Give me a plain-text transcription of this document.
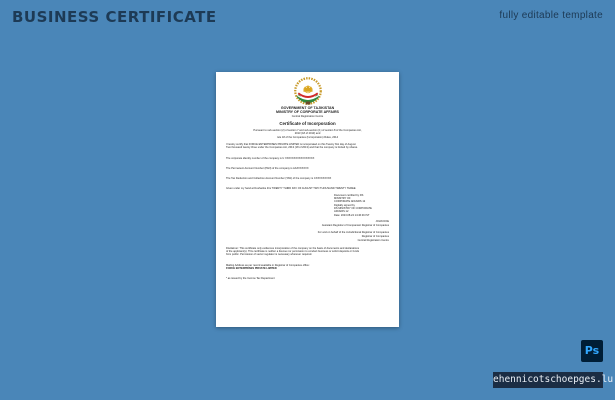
BUSINESS CERTIFICATE	fully editable template
GOVERNMENT OF TAJIKISTAN
MINISTRY OF CORPORATE AFFAIRS
Central Registration Centre
Certificate of Incorporation
Pursuant to sub-section (2) of section 7 and sub-section (1) of section 8 of the Companies Act,
2013 (18 of 2013) and
rule 18 of the Companies (Incorporation) Rules, 2014
I hereby certify that FORCE ENTERPRISES PRIVATE LIMITED is incorporated on this Twenty first day of August
Two thousand twenty three under the Companies Act, 2013 (18 of 2013) and that the company is limited by shares.
The corporate identity number of the company is U XXXXXXXXXXXXXXXXX
The Permanent Account Number (PAN) of the company is AAXXXXXXX
The Tax Deduction and Collection Account Number (TAN) of the company is CXXXXXXXXX
Given under my hand at Dushanbe this TWENTY THIRD DAY OF AUGUST TWO THOUSAND TWENTY THREE
Document certified by DS
MINISTRY OF
CORPORATE AFFAIRS 12
Digitally signed by
DS MINISTRY OF CORPORATE
AFFAIRS 12
Date: 2023.08.24 14:46:46 IST
JOHN DOE
Assistant Registrar of Companies/ Registrar of Companies
For and on behalf of the Jurisdictional Registrar of Companies
Registrar of Companies
Central Registration Centre
Disclaimer: This certificate only evidences incorporation of the company on the basis of documents and declarations
of the applicant(s). This certificate is neither a license nor permission to conduct business or solicit deposits or funds
from public. Permission of sector regulator is necessary wherever required.
Mailing Address as per record available in Registrar of Companies office:
FORCE ENTERPRISES PRIVATE LIMITED
* as issued by the Income Tax Department
Ps
ehennicotschoepges.lu
